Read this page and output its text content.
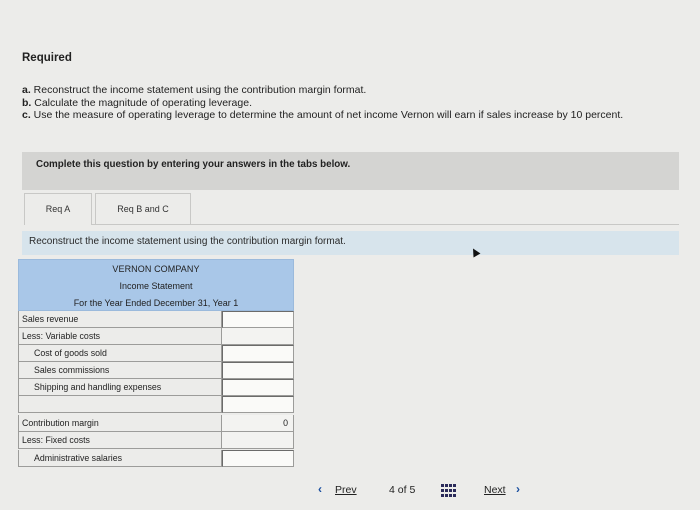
Required
a. Reconstruct the income statement using the contribution margin format.
b. Calculate the magnitude of operating leverage.
c. Use the measure of operating leverage to determine the amount of net income Vernon will earn if sales increase by 10 percent.
Complete this question by entering your answers in the tabs below.
Req A	Req B and C
Reconstruct the income statement using the contribution margin format.
VERNON COMPANY
Income Statement
For the Year Ended December 31, Year 1
Sales revenue
Less: Variable costs
Cost of goods sold
Sales commissions
Shipping and handling expenses
Contribution margin	0
Less: Fixed costs
Administrative salaries
‹ Prev	4 of 5	Next ›
